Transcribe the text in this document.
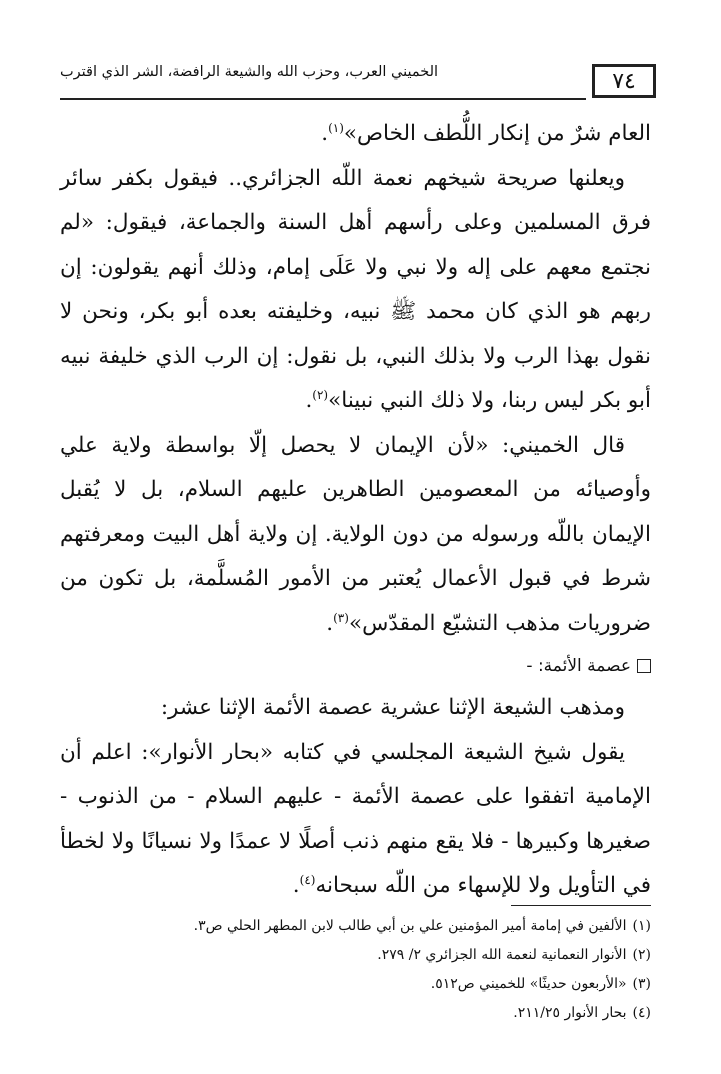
٧٤
الخميني العرب، وحزب الله والشيعة الرافضة، الشر الذي اقترب

العام شرٌ من إنكار اللُّطف الخاص»$^{(١)}$.

ويعلنها صريحة شيخهم نعمة اللّه الجزائري.. فيقول بكفر سائر فرق المسلمين وعلى رأسهم أهل السنة والجماعة، فيقول: «لم نجتمع معهم على إله ولا نبي ولا عَلَى إمام، وذلك أنهم يقولون: إن ربهم هو الذي كان محمد ﷺ نبيه، وخليفته بعده أبو بكر، ونحن لا نقول بهذا الرب ولا بذلك النبي، بل نقول: إن الرب الذي خليفة نبيه أبو بكر ليس ربنا، ولا ذلك النبي نبينا»$^{(٢)}$.

قال الخميني: «لأن الإيمان لا يحصل إلّا بواسطة ولاية علي وأوصيائه من المعصومين الطاهرين عليهم السلام، بل لا يُقبل الإيمان باللّه ورسوله من دون الولاية. إن ولاية أهل البيت ومعرفتهم شرط في قبول الأعمال يُعتبر من الأمور المُسلَّمة، بل تكون من ضروريات مذهب التشيّع المقدّس»$^{(٣)}$.

عصمة الأئمة: -

ومذهب الشيعة الإثنا عشرية عصمة الأئمة الإثنا عشر:

يقول شيخ الشيعة المجلسي في كتابه «بحار الأنوار»: اعلم أن الإمامية اتفقوا على عصمة الأئمة - عليهم السلام - من الذنوب - صغيرها وكبيرها - فلا يقع منهم ذنب أصلًا لا عمدًا ولا نسيانًا ولا لخطأ في التأويل ولا للإسهاء من اللّه سبحانه$^{(٤)}$.

(١)الألفين في إمامة أمير المؤمنين علي بن أبي طالب لابن المطهر الحلي ص٣.
(٢)الأنوار النعمانية لنعمة الله الجزائري ٢/ ٢٧٩.
(٣)«الأربعون حديثًا» للخميني ص٥١٢.
(٤)بحار الأنوار ٢١١/٢٥.
